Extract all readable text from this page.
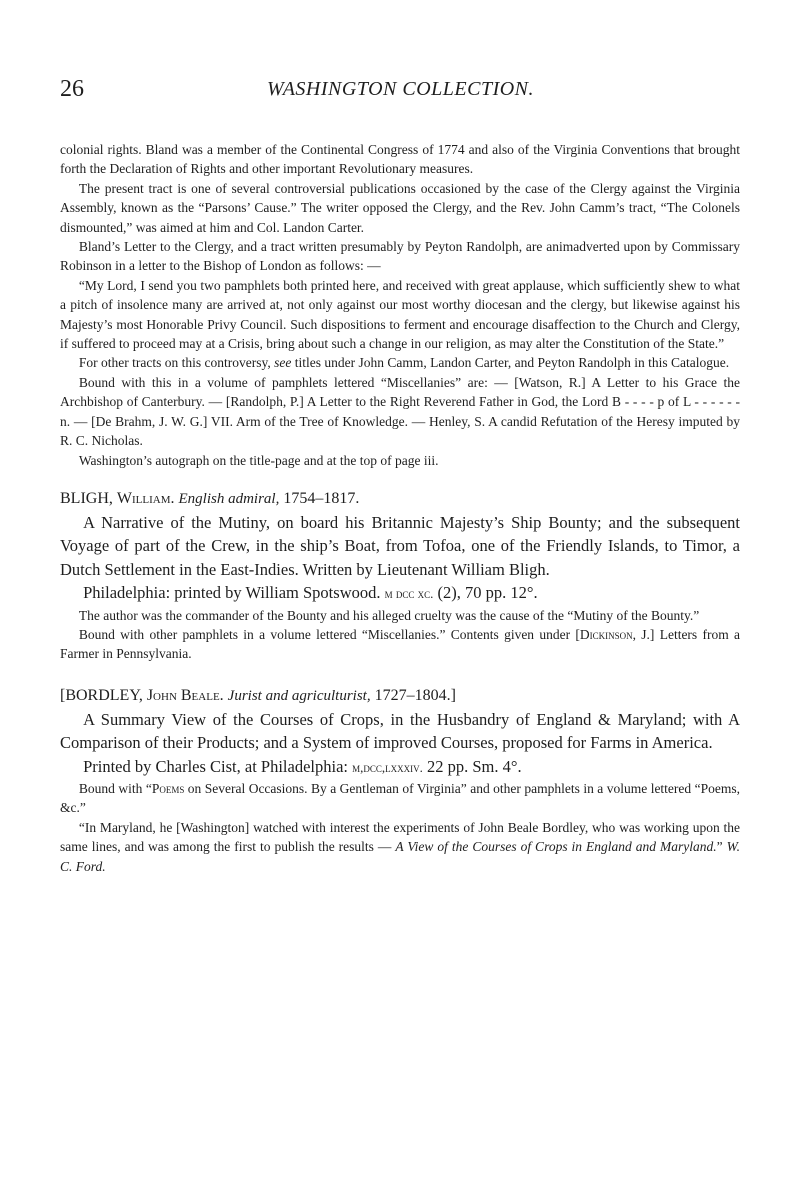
26	WASHINGTON COLLECTION.

colonial rights. Bland was a member of the Continental Congress of 1774 and also of the Virginia Conventions that brought forth the Declaration of Rights and other important Revolutionary measures.

The present tract is one of several controversial publications occasioned by the case of the Clergy against the Virginia Assembly, known as the “Parsons’ Cause.” The writer opposed the Clergy, and the Rev. John Camm’s tract, “The Colonels dismounted,” was aimed at him and Col. Landon Carter.

Bland’s Letter to the Clergy, and a tract written presumably by Peyton Randolph, are animadverted upon by Commissary Robinson in a letter to the Bishop of London as follows: —

“My Lord, I send you two pamphlets both printed here, and received with great applause, which sufficiently shew to what a pitch of insolence many are arrived at, not only against our most worthy diocesan and the clergy, but likewise against his Majesty’s most Honorable Privy Council. Such dispositions to ferment and encourage disaffection to the Church and Clergy, if suffered to proceed may at a Crisis, bring about such a change in our religion, as may alter the Constitution of the State.”

For other tracts on this controversy, see titles under John Camm, Landon Carter, and Peyton Randolph in this Catalogue.

Bound with this in a volume of pamphlets lettered “Miscellanies” are: — [Watson, R.] A Letter to his Grace the Archbishop of Canterbury. — [Randolph, P.] A Letter to the Right Reverend Father in God, the Lord B - - - - p of L - - - - - - n. — [De Brahm, J. W. G.] VII. Arm of the Tree of Knowledge. — Henley, S. A candid Refutation of the Heresy imputed by R. C. Nicholas.

Washington’s autograph on the title-page and at the top of page iii.

BLIGH, William. English admiral, 1754–1817.

A Narrative of the Mutiny, on board his Britannic Majesty’s Ship Bounty; and the subsequent Voyage of part of the Crew, in the ship’s Boat, from Tofoa, one of the Friendly Islands, to Timor, a Dutch Settlement in the East-Indies. Written by Lieutenant William Bligh.

Philadelphia: printed by William Spotswood. m dcc xc. (2), 70 pp. 12°.

The author was the commander of the Bounty and his alleged cruelty was the cause of the “Mutiny of the Bounty.”

Bound with other pamphlets in a volume lettered “Miscellanies.” Contents given under [Dickinson, J.] Letters from a Farmer in Pennsylvania.

[BORDLEY, John Beale. Jurist and agriculturist, 1727–1804.]

A Summary View of the Courses of Crops, in the Husbandry of England & Maryland; with A Comparison of their Products; and a System of improved Courses, proposed for Farms in America.

Printed by Charles Cist, at Philadelphia: m,dcc,lxxxiv. 22 pp. Sm. 4°.

Bound with “Poems on Several Occasions. By a Gentleman of Virginia” and other pamphlets in a volume lettered “Poems, &c.”

“In Maryland, he [Washington] watched with interest the experiments of John Beale Bordley, who was working upon the same lines, and was among the first to publish the results — A View of the Courses of Crops in England and Maryland.” W. C. Ford.
